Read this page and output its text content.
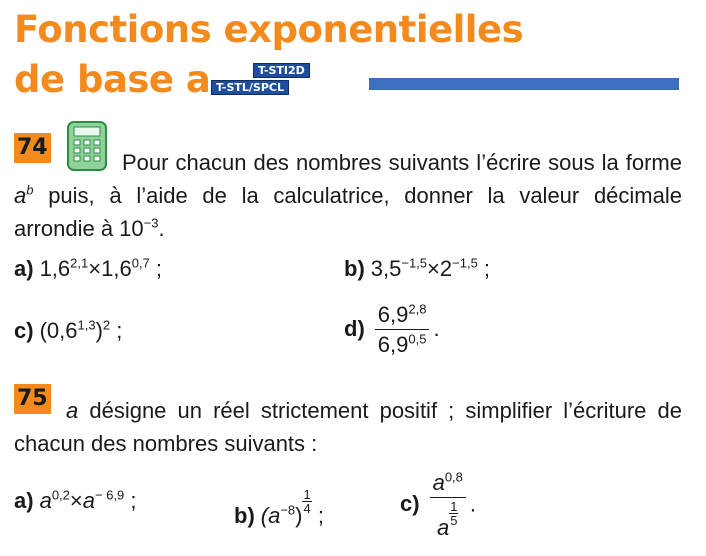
Fonctions exponentielles
de base a	T-STI2D
T-STL/SPCL
74
Pour chacun des nombres suivants l’écrire sous la forme $a^b$ puis, à l’aide de la calculatrice, donner la valeur décimale arrondie à $10^{-3}$.
a) $1,6^{2,1}\times 1,6^{0,7}$ ;	b) $3,5^{-1,5}\times 2^{-1,5}$ ;
c) $(0,6^{1,3})^2$ ;	$d) \frac{6,9^{2,8}}{6,9^{0,5}}$ .
75 a désigne un réel strictement positif ; simplifier l’écriture de chacun des nombres suivants :
a) $a^{0,2}\times a^{- 6,9}$ ;
b) $(a^{-8})$
$\frac{1}{4}$
;	c) $a^{0,8}$
a
$\frac{1}{5}$ .
